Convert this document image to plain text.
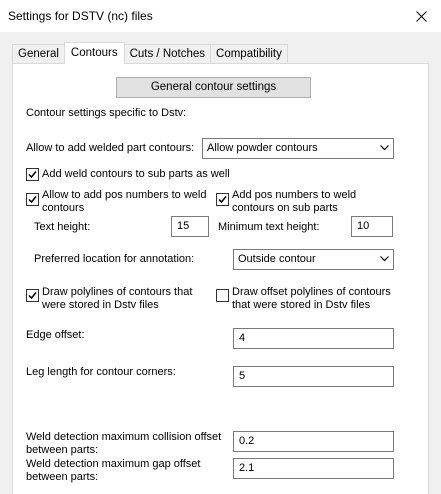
Settings for DSTV (nc) files
General	Contours	Cuts / Notches Compatibility
General contour settings
Contour settings specific to Dstv:
Allow to add welded part contours:	Allow powder contours
Add weld contours to sub parts as well
Allow to add pos numbers to weld
contours
Add pos numbers to weld
contours on sub parts
Text height:	15	Minimum text height:	10
Preferred location for annotation:	Outside contour
Draw polylines of contours that
were stored in Dstv files
Draw offset polylines of contours
that were stored in Dstv files
Edge offset:	4
Leg length for contour corners:	5
Weld detection maximum collision offset
between parts:
0.2
Weld detection maximum gap offset
between parts:
2.1
